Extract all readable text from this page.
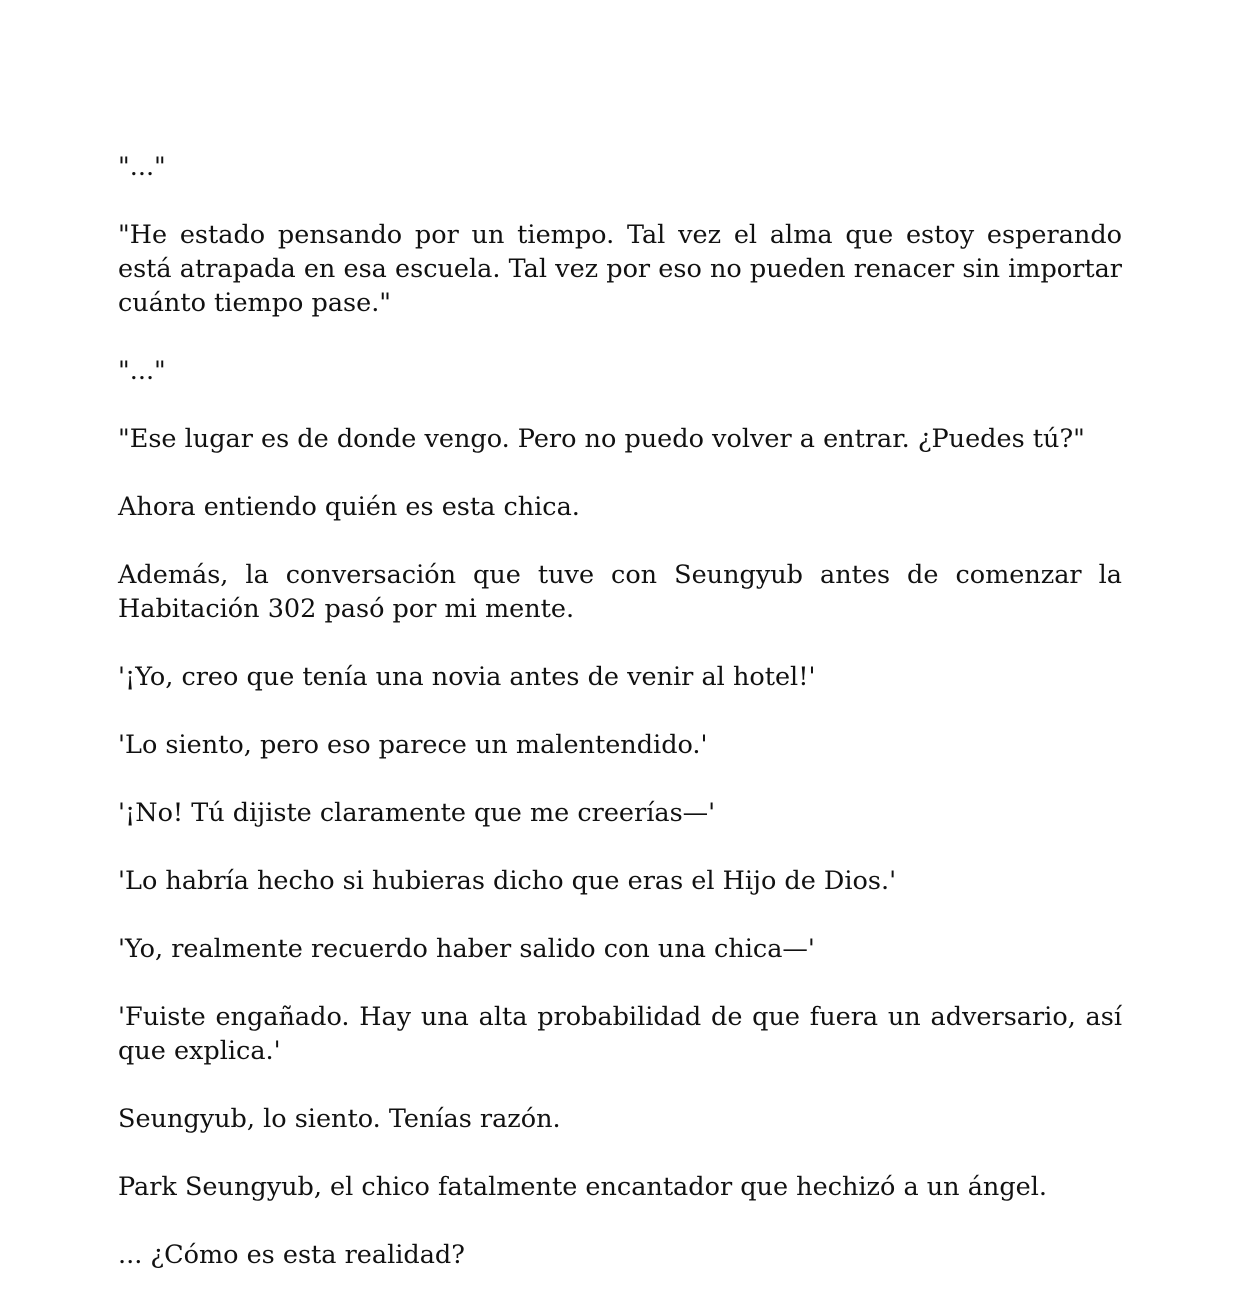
"..."

"He estado pensando por un tiempo. Tal vez el alma que estoy esperando está atrapada en esa escuela. Tal vez por eso no pueden renacer sin importar cuánto tiempo pase."

"..."

"Ese lugar es de donde vengo. Pero no puedo volver a entrar. ¿Puedes tú?"

Ahora entiendo quién es esta chica.

Además, la conversación que tuve con Seungyub antes de comenzar la Habitación 302 pasó por mi mente.

'¡Yo, creo que tenía una novia antes de venir al hotel!'

'Lo siento, pero eso parece un malentendido.'

'¡No! Tú dijiste claramente que me creerías—'

'Lo habría hecho si hubieras dicho que eras el Hijo de Dios.'

'Yo, realmente recuerdo haber salido con una chica—'

'Fuiste engañado. Hay una alta probabilidad de que fuera un adversario, así que explica.'

Seungyub, lo siento. Tenías razón.

Park Seungyub, el chico fatalmente encantador que hechizó a un ángel.

... ¿Cómo es esta realidad?
